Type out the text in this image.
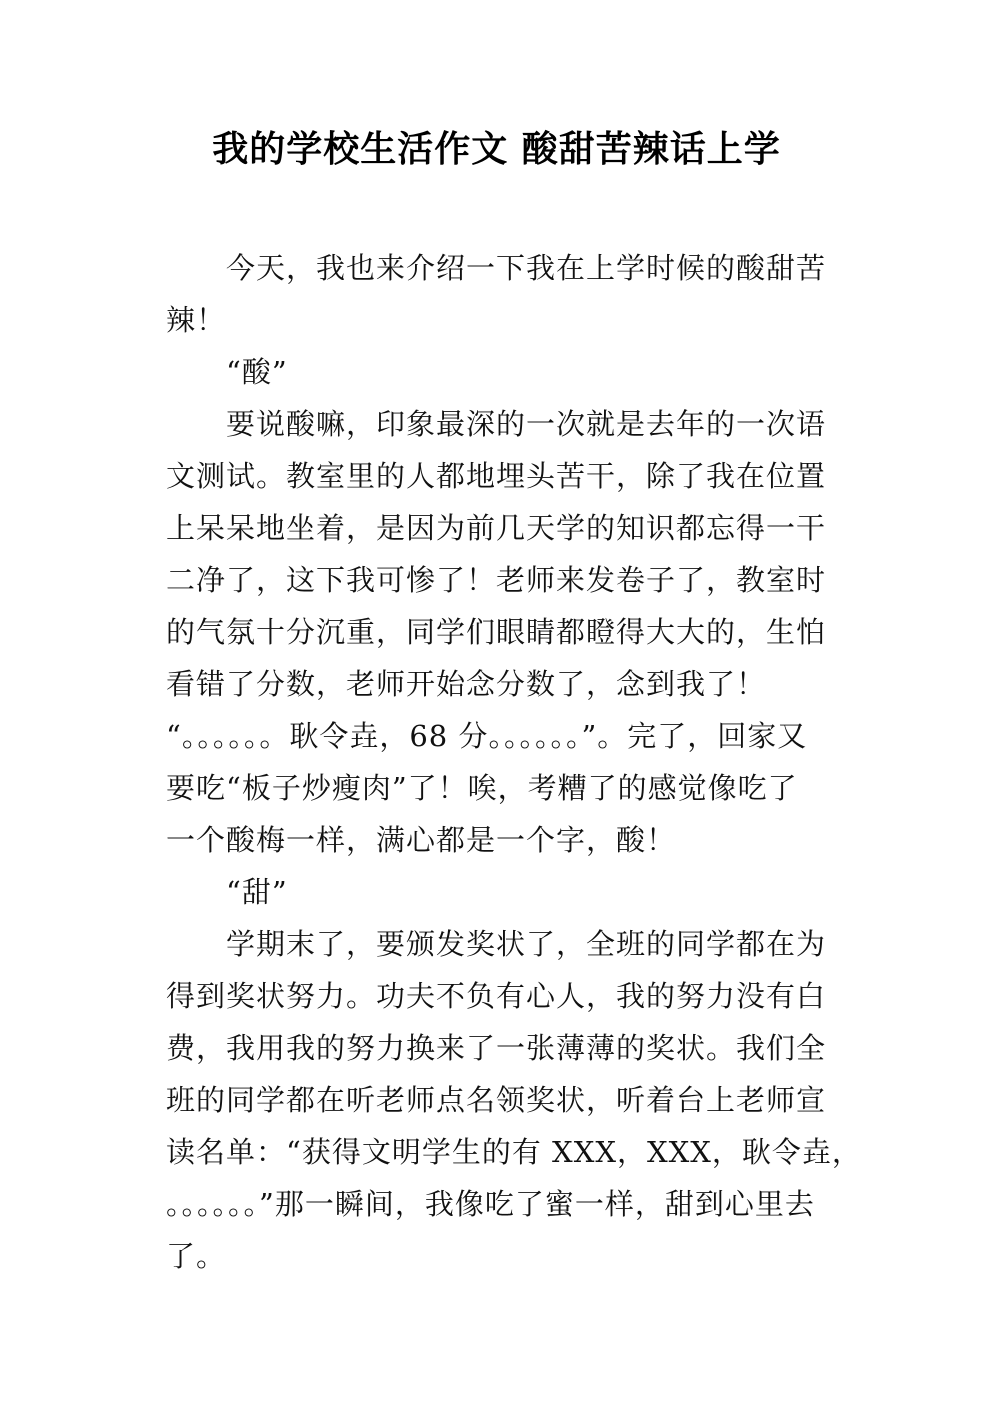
我的学校生活作文 酸甜苦辣话上学
今天，我也来介绍一下我在上学时候的酸甜苦
辣！
“酸”
要说酸嘛，印象最深的一次就是去年的一次语
文测试。教室里的人都地埋头苦干，除了我在位置
上呆呆地坐着，是因为前几天学的知识都忘得一干
二净了，这下我可惨了！老师来发卷子了，教室时
的气氛十分沉重，同学们眼睛都瞪得大大的，生怕
看错了分数，老师开始念分数了，念到我了！
“。。。。。。耿令垚，68 分。。。。。。”。完了，回家又
要吃“板子炒瘦肉”了！唉，考糟了的感觉像吃了
一个酸梅一样，满心都是一个字，酸！
“甜”
学期末了，要颁发奖状了，全班的同学都在为
得到奖状努力。功夫不负有心人，我的努力没有白
费，我用我的努力换来了一张薄薄的奖状。我们全
班的同学都在听老师点名领奖状，听着台上老师宣
读名单：“获得文明学生的有 XXX，XXX，耿令垚，
。。。。。。”那一瞬间，我像吃了蜜一样，甜到心里去
了。
